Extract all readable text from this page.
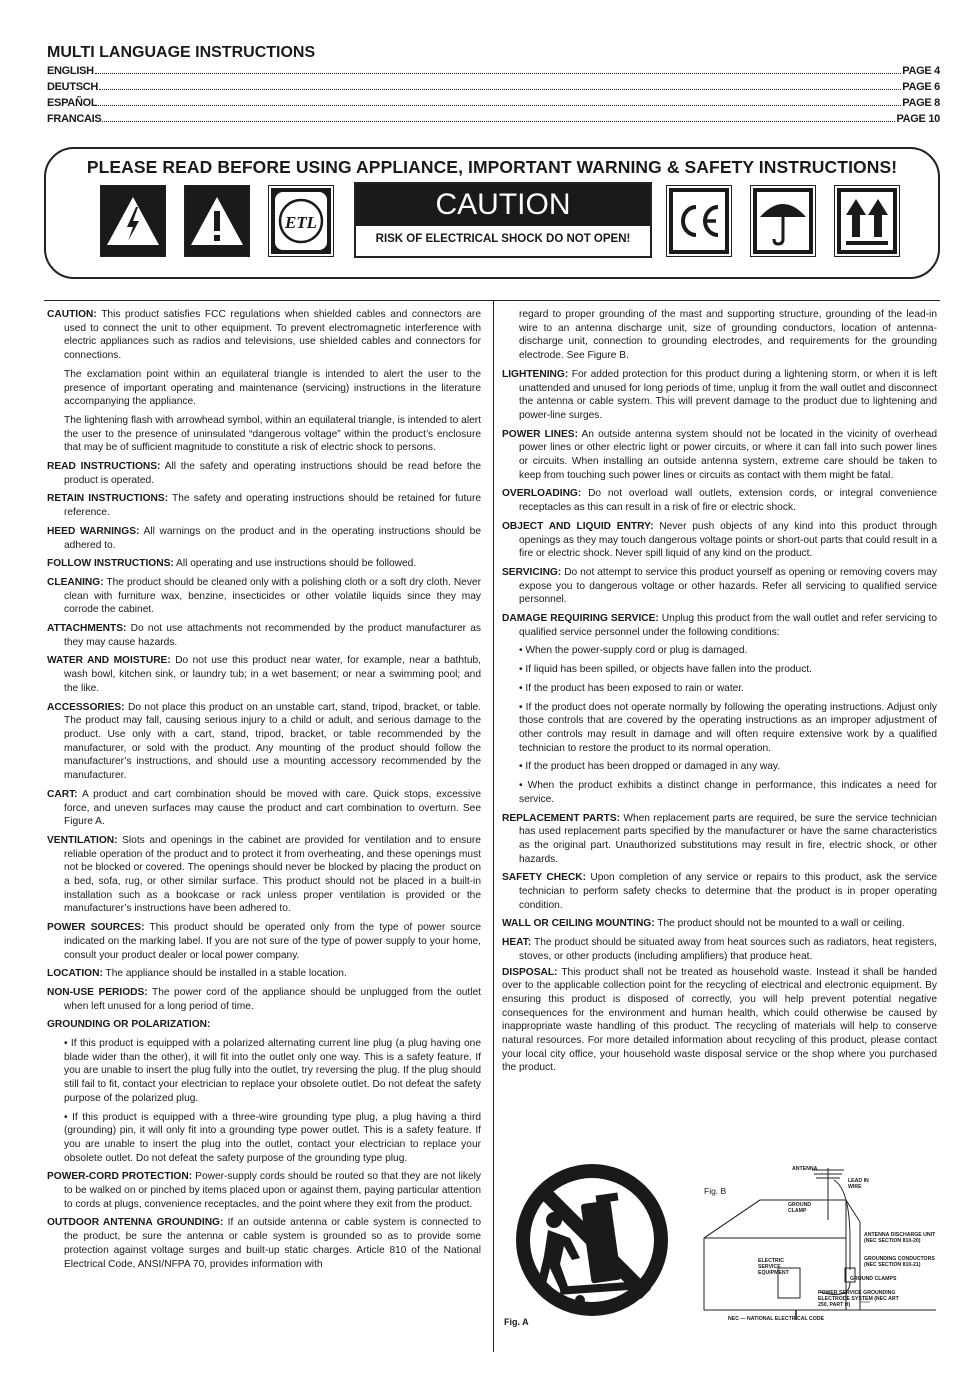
MULTI LANGUAGE INSTRUCTIONS
ENGLISH	PAGE 4
DEUTSCH	PAGE 6
ESPAÑOL	PAGE 8
FRANCAIS	PAGE 10
PLEASE READ BEFORE USING APPLIANCE, IMPORTANT WARNING & SAFETY INSTRUCTIONS!
ETL
CAUTION
RISK OF ELECTRICAL SHOCK DO NOT OPEN!

CAUTION: This product satisfies FCC regulations when shielded cables and connectors are used to connect the unit to other equipment. To prevent electromagnetic interference with electric appliances such as radios and televisions, use shielded cables and connectors for connections.

The exclamation point within an equilateral triangle is intended to alert the user to the presence of important operating and maintenance (servicing) instructions in the literature accompanying the appliance.

The lightening flash with arrowhead symbol, within an equilateral triangle, is intended to alert the user to the presence of uninsulated “dangerous voltage” within the product’s enclosure that may be of sufficient magnitude to constitute a risk of electric shock to persons.

READ INSTRUCTIONS: All the safety and operating instructions should be read before the product is operated.

RETAIN INSTRUCTIONS: The safety and operating instructions should be retained for future reference.

HEED WARNINGS: All warnings on the product and in the operating instructions should be adhered to.

FOLLOW INSTRUCTIONS: All operating and use instructions should be followed.

CLEANING: The product should be cleaned only with a polishing cloth or a soft dry cloth. Never clean with furniture wax, benzine, insecticides or other volatile liquids since they may corrode the cabinet.

ATTACHMENTS: Do not use attachments not recommended by the product manufacturer as they may cause hazards.

WATER AND MOISTURE: Do not use this product near water, for example, near a bathtub, wash bowl, kitchen sink, or laundry tub; in a wet basement; or near a swimming pool; and the like.

ACCESSORIES: Do not place this product on an unstable cart, stand, tripod, bracket, or table. The product may fall, causing serious injury to a child or adult, and serious damage to the product. Use only with a cart, stand, tripod, bracket, or table recommended by the manufacturer, or sold with the product. Any mounting of the product should follow the manufacturer’s instructions, and should use a mounting accessory recommended by the manufacturer.

CART: A product and cart combination should be moved with care. Quick stops, excessive force, and uneven surfaces may cause the product and cart combination to overturn. See Figure A.

VENTILATION: Slots and openings in the cabinet are provided for ventilation and to ensure reliable operation of the product and to protect it from overheating, and these openings must not be blocked or covered. The openings should never be blocked by placing the product on a bed, sofa, rug, or other similar surface. This product should not be placed in a built-in installation such as a bookcase or rack unless proper ventilation is provided or the manufacturer’s instructions have been adhered to.

POWER SOURCES: This product should be operated only from the type of power source indicated on the marking label. If you are not sure of the type of power supply to your home, consult your product dealer or local power company.

LOCATION: The appliance should be installed in a stable location.

NON-USE PERIODS: The power cord of the appliance should be unplugged from the outlet when left unused for a long period of time.

GROUNDING OR POLARIZATION:

• If this product is equipped with a polarized alternating current line plug (a plug having one blade wider than the other), it will fit into the outlet only one way. This is a safety feature. If you are unable to insert the plug fully into the outlet, try reversing the plug. If the plug should still fail to fit, contact your electrician to replace your obsolete outlet. Do not defeat the safety purpose of the polarized plug.

• If this product is equipped with a three-wire grounding type plug, a plug having a third (grounding) pin, it will only fit into a grounding type power outlet. This is a safety feature. If you are unable to insert the plug into the outlet, contact your electrician to replace your obsolete outlet. Do not defeat the safety purpose of the grounding type plug.

POWER-CORD PROTECTION: Power-supply cords should be routed so that they are not likely to be walked on or pinched by items placed upon or against them, paying particular attention to cords at plugs, convenience receptacles, and the point where they exit from the product.

OUTDOOR ANTENNA GROUNDING: If an outside antenna or cable system is connected to the product, be sure the antenna or cable system is grounded so as to provide some protection against voltage surges and built-up static charges. Article 810 of the National Electrical Code, ANSI/NFPA 70, provides information with

regard to proper grounding of the mast and supporting structure, grounding of the lead-in wire to an antenna discharge unit, size of grounding conductors, location of antenna-discharge unit, connection to grounding electrodes, and requirements for the grounding electrode. See Figure B.

LIGHTENING: For added protection for this product during a lightening storm, or when it is left unattended and unused for long periods of time, unplug it from the wall outlet and disconnect the antenna or cable system. This will prevent damage to the product due to lightening and power-line surges.

POWER LINES: An outside antenna system should not be located in the vicinity of overhead power lines or other electric light or power circuits, or where it can fall into such power lines or circuits. When installing an outside antenna system, extreme care should be taken to keep from touching such power lines or circuits as contact with them might be fatal.

OVERLOADING: Do not overload wall outlets, extension cords, or integral convenience receptacles as this can result in a risk of fire or electric shock.

OBJECT AND LIQUID ENTRY: Never push objects of any kind into this product through openings as they may touch dangerous voltage points or short-out parts that could result in a fire or electric shock. Never spill liquid of any kind on the product.

SERVICING: Do not attempt to service this product yourself as opening or removing covers may expose you to dangerous voltage or other hazards. Refer all servicing to qualified service personnel.

DAMAGE REQUIRING SERVICE: Unplug this product from the wall outlet and refer servicing to qualified service personnel under the following conditions:

• When the power-supply cord or plug is damaged.

• If liquid has been spilled, or objects have fallen into the product.

• If the product has been exposed to rain or water.

• If the product does not operate normally by following the operating instructions. Adjust only those controls that are covered by the operating instructions as an improper adjustment of other controls may result in damage and will often require extensive work by a qualified technician to restore the product to its normal operation.

• If the product has been dropped or damaged in any way.

• When the product exhibits a distinct change in performance, this indicates a need for service.

REPLACEMENT PARTS: When replacement parts are required, be sure the service technician has used replacement parts specified by the manufacturer or have the same characteristics as the original part. Unauthorized substitutions may result in fire, electric shock, or other hazards.

SAFETY CHECK: Upon completion of any service or repairs to this product, ask the service technician to perform safety checks to determine that the product is in proper operating condition.

WALL OR CEILING MOUNTING: The product should not be mounted to a wall or ceiling.

HEAT: The product should be situated away from heat sources such as radiators, heat registers, stoves, or other products (including amplifiers) that produce heat.

DISPOSAL: This product shall not be treated as household waste. Instead it shall be handed over to the applicable collection point for the recycling of electrical and electronic equipment. By ensuring this product is disposed of correctly, you will help prevent potential negative consequences for the environment and human health, which could otherwise be caused by inappropriate waste handling of this product. The recycling of materials will help to conserve natural resources. For more detailed information about recycling of this product, please contact your local city office, your household waste disposal service or the shop where you purchased the product.

Fig. A
Fig. B
ANTENNA
LEAD IN WIRE
GROUND CLAMP
ANTENNA DISCHARGE UNIT (NEC SECTION 810-20)
GROUNDING CONDUCTORS (NEC SECTION 810-21)
ELECTRIC SERVICE EQUIPMENT
GROUND CLAMPS
POWER SERVICE GROUNDING ELECTRODE SYSTEM (NEC ART 250, PART H)
NEC — NATIONAL ELECTRICAL CODE
